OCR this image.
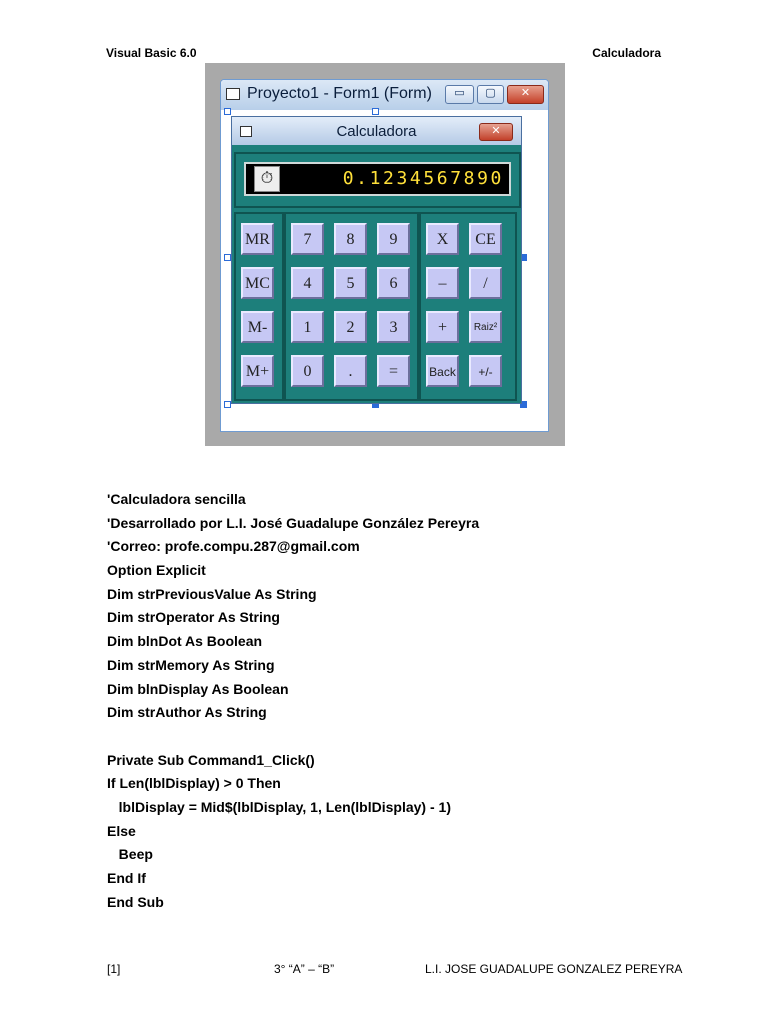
Visual Basic 6.0	Calculadora
Proyecto1 - Form1 (Form)	▭	▢	✕
Calculadora	✕
⏱	0.1234567890
MR
MC
M-
M+
7	8	9
4	5	6
1	2	3
0	.	=
X	CE
–	/
+	Raiz²
Back	+/-
'Calculadora sencilla
'Desarrollado por L.I. José Guadalupe González Pereyra
'Correo: profe.compu.287@gmail.com
Option Explicit
Dim strPreviousValue As String
Dim strOperator As String
Dim blnDot As Boolean
Dim strMemory As String
Dim blnDisplay As Boolean
Dim strAuthor As String
Private Sub Command1_Click()
If Len(lblDisplay) > 0 Then
lblDisplay = Mid$(lblDisplay, 1, Len(lblDisplay) - 1)
Else
Beep
End If
End Sub
[1]	3° “A” – “B”	L.I. JOSE GUADALUPE GONZALEZ PEREYRA
